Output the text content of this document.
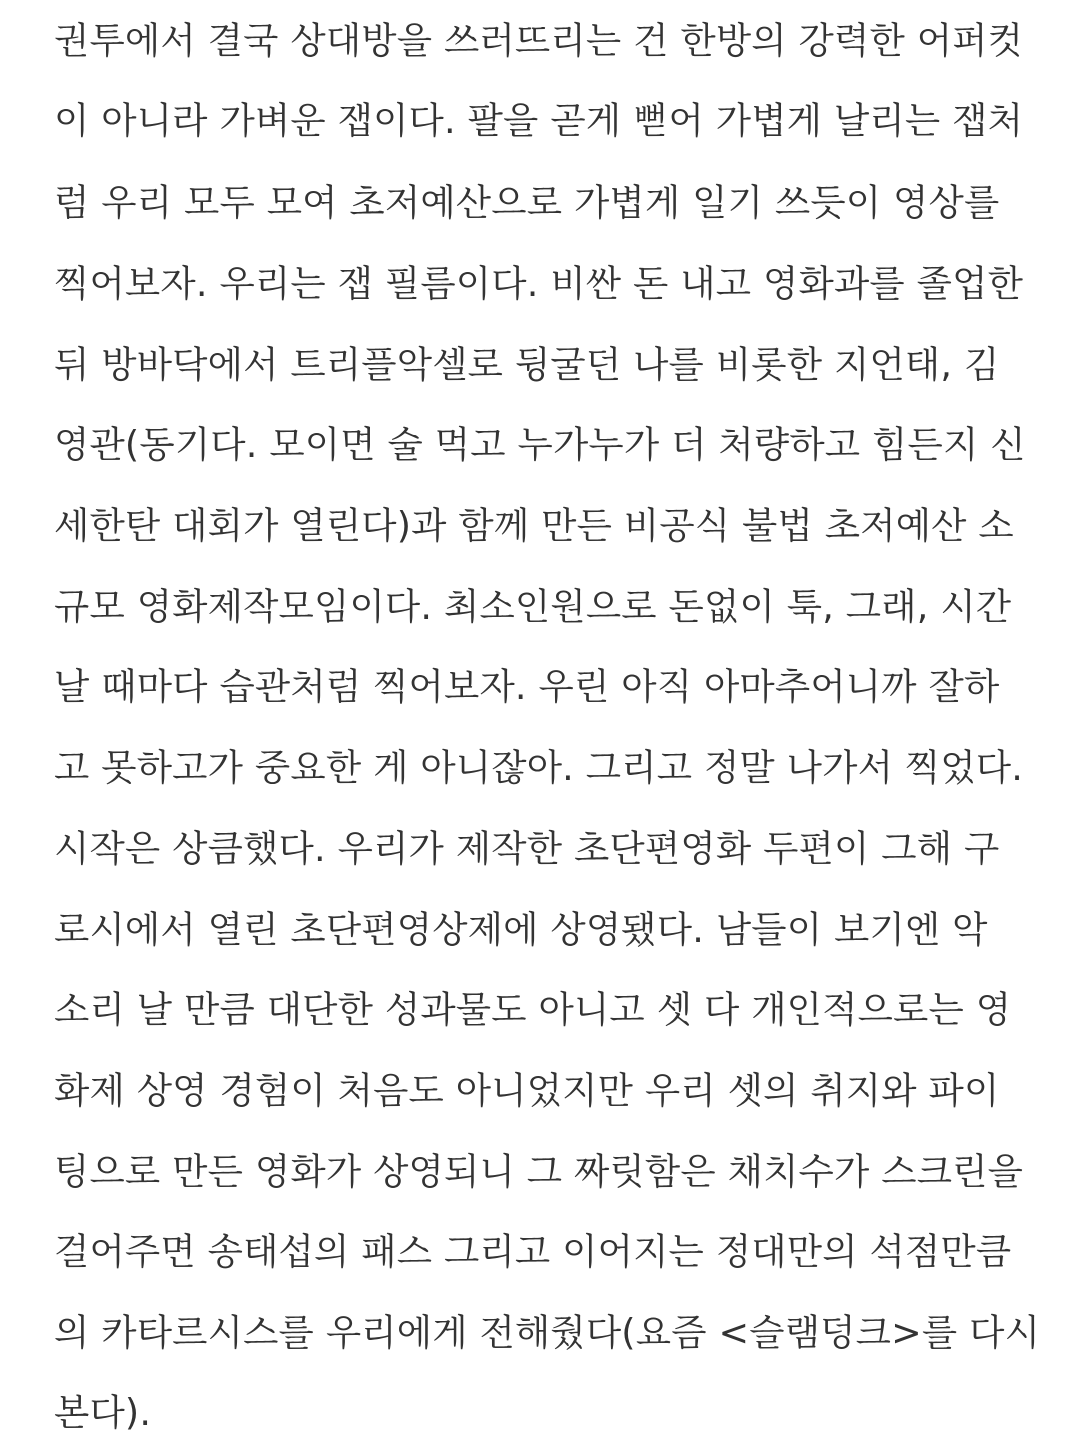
권투에서 결국 상대방을 쓰러뜨리는 건 한방의 강력한 어퍼컷
이 아니라 가벼운 잽이다. 팔을 곧게 뻗어 가볍게 날리는 잽처
럼 우리 모두 모여 초저예산으로 가볍게 일기 쓰듯이 영상를
찍어보자. 우리는 잽 필름이다. 비싼 돈 내고 영화과를 졸업한
뒤 방바닥에서 트리플악셀로 뒹굴던 나를 비롯한 지언태, 김
영관(동기다. 모이면 술 먹고 누가누가 더 처량하고 힘든지 신
세한탄 대회가 열린다)과 함께 만든 비공식 불법 초저예산 소
규모 영화제작모임이다. 최소인원으로 돈없이 툭, 그래, 시간
날 때마다 습관처럼 찍어보자. 우린 아직 아마추어니까 잘하
고 못하고가 중요한 게 아니잖아. 그리고 정말 나가서 찍었다.
시작은 상큼했다. 우리가 제작한 초단편영화 두편이 그해 구
로시에서 열린 초단편영상제에 상영됐다. 남들이 보기엔 악
소리 날 만큼 대단한 성과물도 아니고 셋 다 개인적으로는 영
화제 상영 경험이 처음도 아니었지만 우리 셋의 취지와 파이
팅으로 만든 영화가 상영되니 그 짜릿함은 채치수가 스크린을
걸어주면 송태섭의 패스 그리고 이어지는 정대만의 석점만큼
의 카타르시스를 우리에게 전해줬다(요즘 <슬램덩크>를 다시
본다).
